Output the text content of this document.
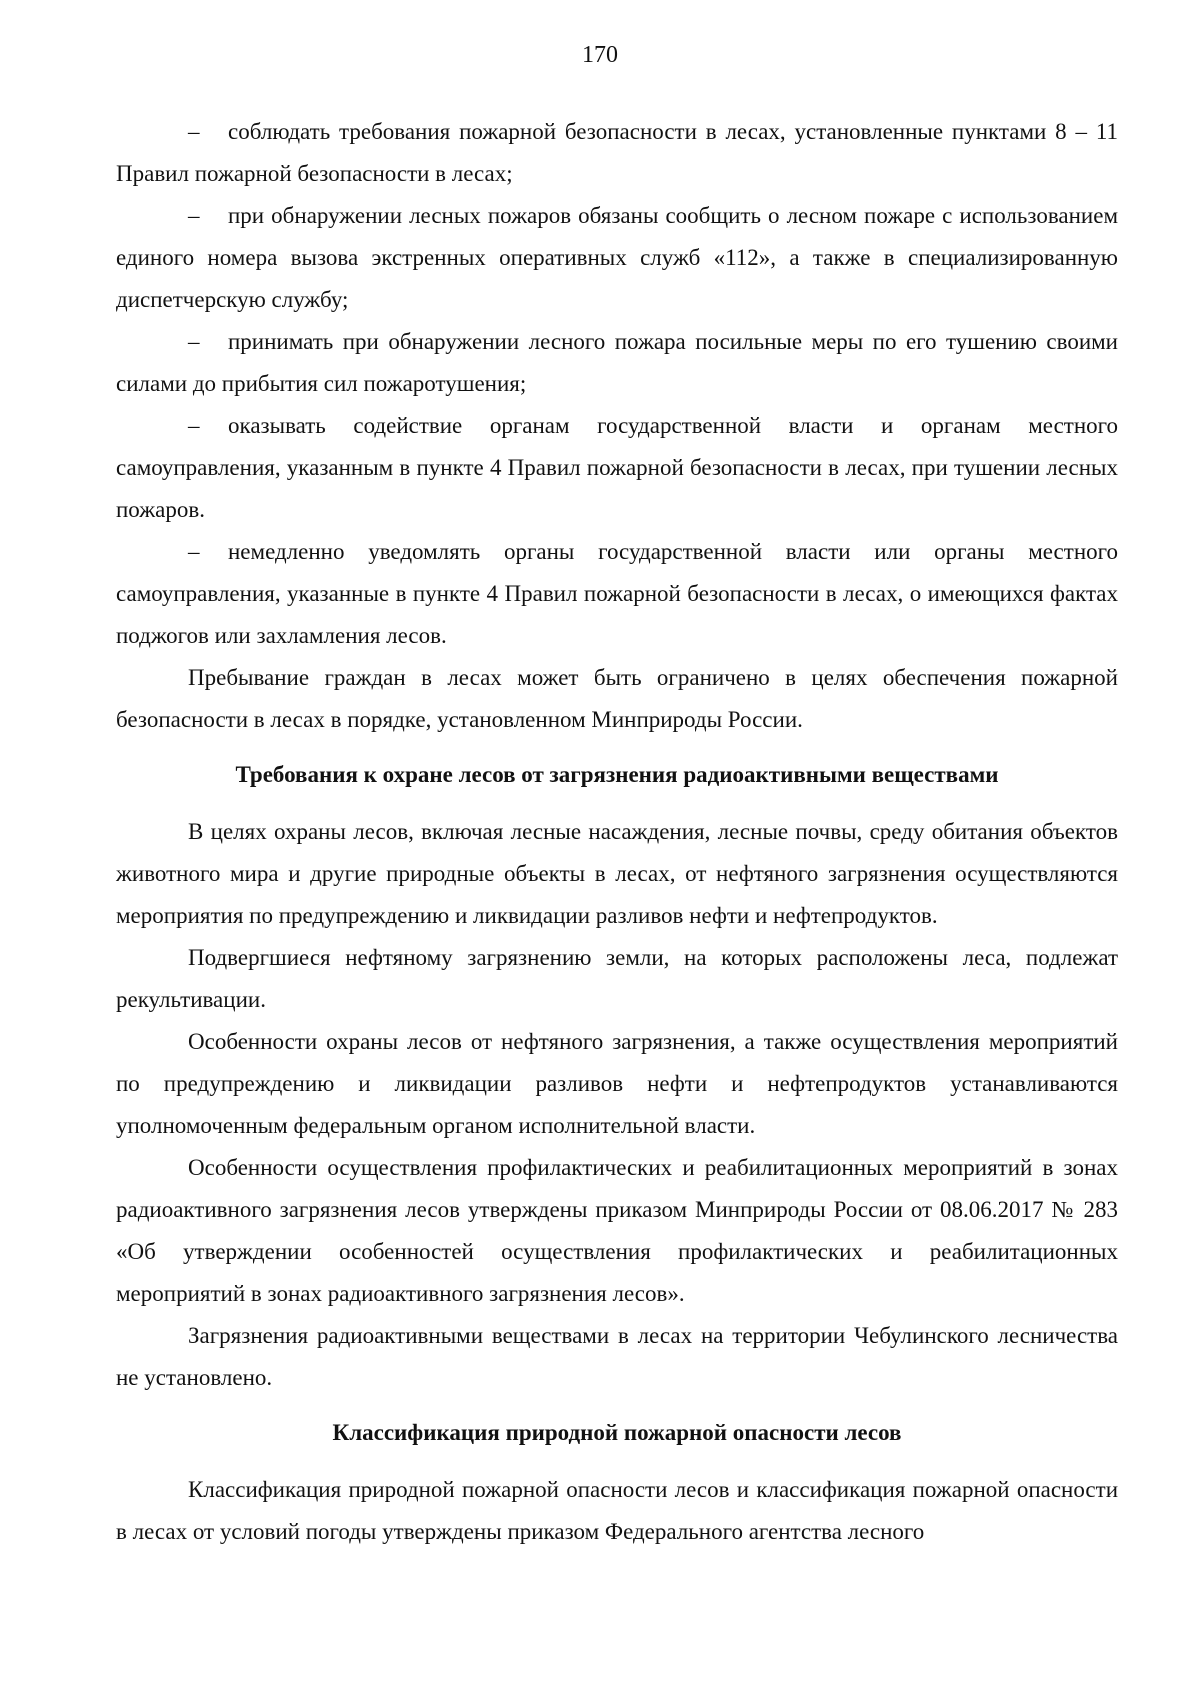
170

– соблюдать требования пожарной безопасности в лесах, установленные пунктами 8 – 11 Правил пожарной безопасности в лесах;

– при обнаружении лесных пожаров обязаны сообщить о лесном пожаре с использованием единого номера вызова экстренных оперативных служб «112», а также в специализированную диспетчерскую службу;

– принимать при обнаружении лесного пожара посильные меры по его тушению своими силами до прибытия сил пожаротушения;

– оказывать содействие органам государственной власти и органам местного самоуправления, указанным в пункте 4 Правил пожарной безопасности в лесах, при тушении лесных пожаров.

– немедленно уведомлять органы государственной власти или органы местного самоуправления, указанные в пункте 4 Правил пожарной безопасности в лесах, о имеющихся фактах поджогов или захламления лесов.

Пребывание граждан в лесах может быть ограничено в целях обеспечения пожарной безопасности в лесах в порядке, установленном Минприроды России.

Требования к охране лесов от загрязнения радиоактивными веществами

В целях охраны лесов, включая лесные насаждения, лесные почвы, среду обитания объектов животного мира и другие природные объекты в лесах, от нефтяного загрязнения осуществляются мероприятия по предупреждению и ликвидации разливов нефти и нефтепродуктов.

Подвергшиеся нефтяному загрязнению земли, на которых расположены леса, подлежат рекультивации.

Особенности охраны лесов от нефтяного загрязнения, а также осуществления мероприятий по предупреждению и ликвидации разливов нефти и нефтепродуктов устанавливаются уполномоченным федеральным органом исполнительной власти.

Особенности осуществления профилактических и реабилитационных мероприятий в зонах радиоактивного загрязнения лесов утверждены приказом Минприроды России от 08.06.2017 № 283 «Об утверждении особенностей осуществления профилактических и реабилитационных мероприятий в зонах радиоактивного загрязнения лесов».

Загрязнения радиоактивными веществами в лесах на территории Чебулинского лесничества не установлено.

Классификация природной пожарной опасности лесов

Классификация природной пожарной опасности лесов и классификация пожарной опасности в лесах от условий погоды утверждены приказом Федерального агентства лесного
